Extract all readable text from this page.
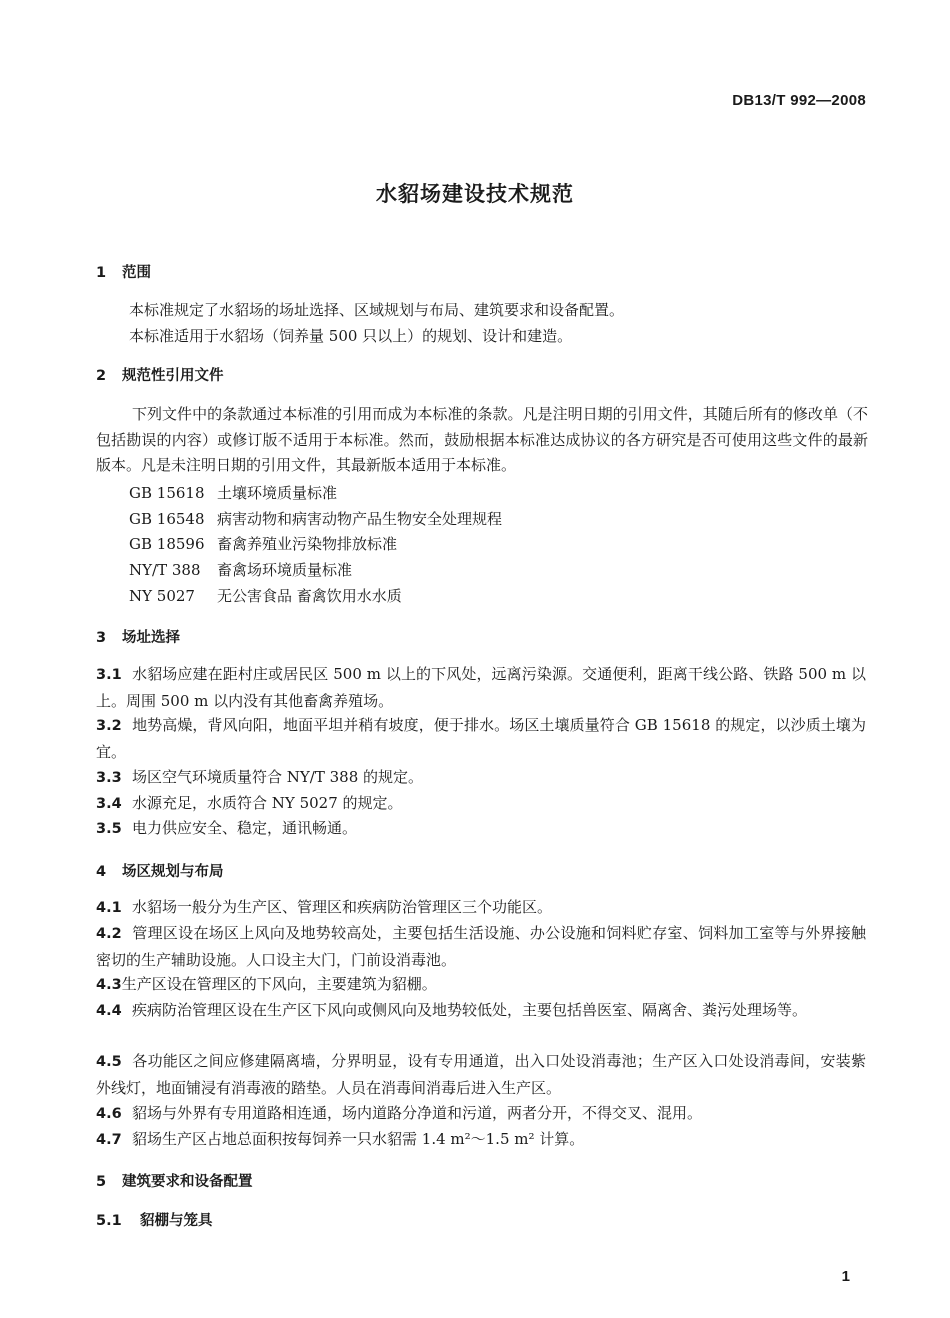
DB13/T 992—2008
水貂场建设技术规范
1 范围
本标准规定了水貂场的场址选择、区域规划与布局、建筑要求和设备配置。
本标准适用于水貂场（饲养量 500 只以上）的规划、设计和建造。
2 规范性引用文件
下列文件中的条款通过本标准的引用而成为本标准的条款。凡是注明日期的引用文件，其随后所有的修改单（不包括勘误的内容）或修订版不适用于本标准。然而，鼓励根据本标准达成协议的各方研究是否可使用这些文件的最新版本。凡是未注明日期的引用文件，其最新版本适用于本标准。
GB 15618 土壤环境质量标准
GB 16548 病害动物和病害动物产品生物安全处理规程
GB 18596 畜禽养殖业污染物排放标准
NY/T 388 畜禽场环境质量标准
NY 5027 无公害食品 畜禽饮用水水质
3 场址选择
3.1 水貂场应建在距村庄或居民区 500 m 以上的下风处，远离污染源。交通便利，距离干线公路、铁路 500 m 以上。周围 500 m 以内没有其他畜禽养殖场。
3.2 地势高燥，背风向阳，地面平坦并稍有坡度，便于排水。场区土壤质量符合 GB 15618 的规定，以沙质土壤为宜。
3.3 场区空气环境质量符合 NY/T 388 的规定。
3.4 水源充足，水质符合 NY 5027 的规定。
3.5 电力供应安全、稳定，通讯畅通。
4 场区规划与布局
4.1 水貂场一般分为生产区、管理区和疾病防治管理区三个功能区。
4.2 管理区设在场区上风向及地势较高处，主要包括生活设施、办公设施和饲料贮存室、饲料加工室等与外界接触密切的生产辅助设施。人口设主大门，门前设消毒池。
4.3生产区设在管理区的下风向，主要建筑为貂棚。
4.4 疾病防治管理区设在生产区下风向或侧风向及地势较低处，主要包括兽医室、隔离舍、粪污处理场等。
4.5 各功能区之间应修建隔离墙，分界明显，设有专用通道，出入口处设消毒池；生产区入口处设消毒间，安装紫外线灯，地面铺浸有消毒液的踏垫。人员在消毒间消毒后进入生产区。
4.6 貂场与外界有专用道路相连通，场内道路分净道和污道，两者分开，不得交叉、混用。
4.7 貂场生产区占地总面积按每饲养一只水貂需 1.4 m²～1.5 m² 计算。
5 建筑要求和设备配置
5.1 貂棚与笼具
1
